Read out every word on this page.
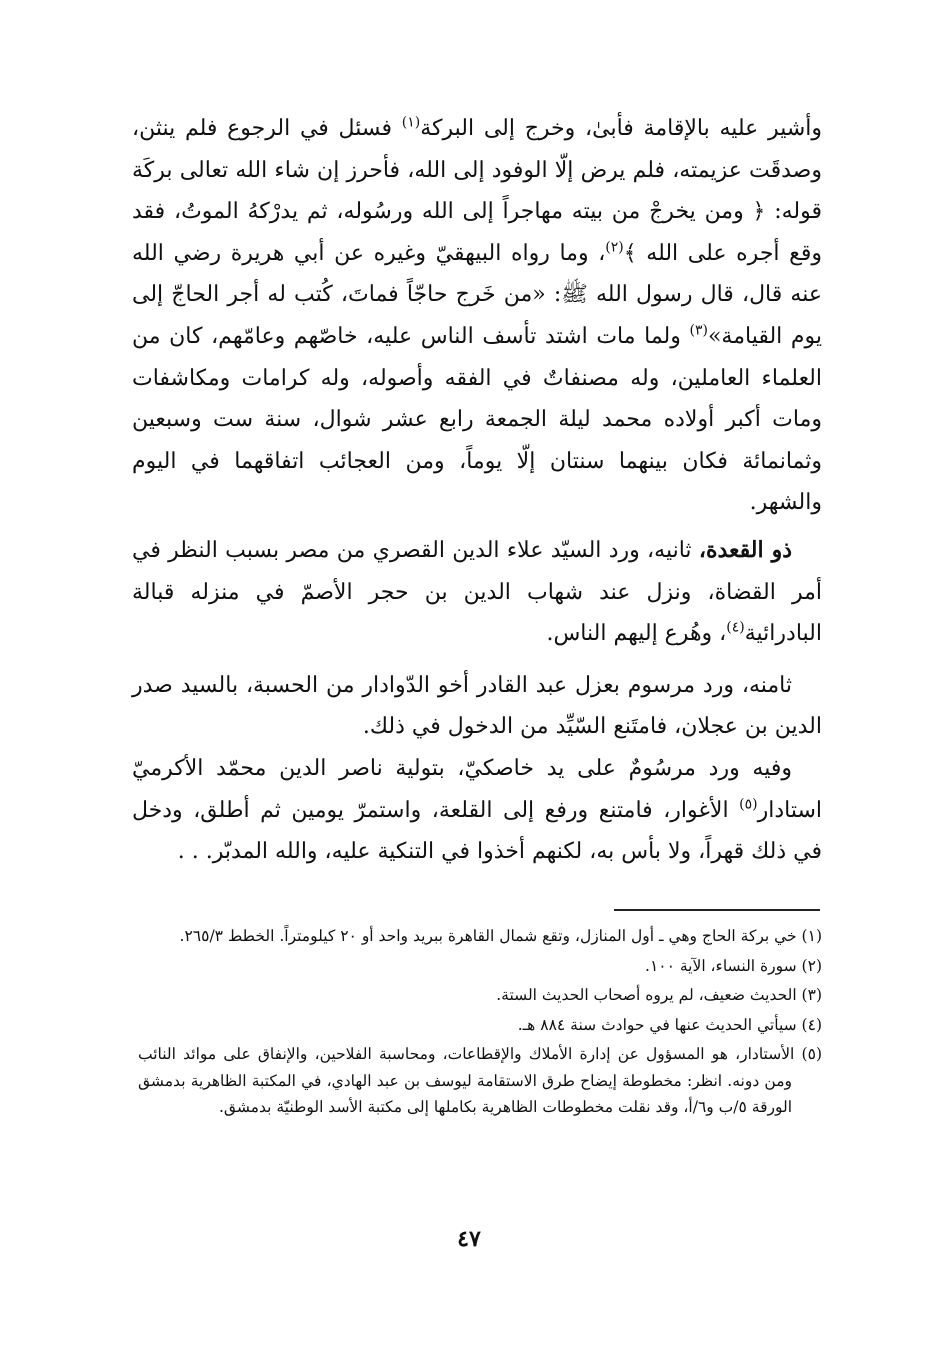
وأشير عليه بالإقامة فأبىٰ، وخرج إلى البركة$^{(١)}$ فسئل في الرجوع فلم ينثن، وصدقَت عزيمته، فلم يرض إلّا الوفود إلى الله، فأحرز إن شاء الله تعالى بركَة قوله: ﴿ ومن يخرجْ من بيته مهاجراً إلى الله ورسُوله، ثم يدرْكهُ الموتُ، فقد وقع أجره على الله ﴾$^{(٢)}$، وما رواه البيهقيّ وغيره عن أبي هريرة رضي الله عنه قال، قال رسول الله ﷺ: «من خَرج حاجّاً فماتَ، كُتب له أجر الحاجّ إلى يوم القيامة»$^{(٣)}$ ولما مات اشتد تأسف الناس عليه، خاصّهم وعامّهم، كان من العلماء العاملين، وله مصنفاتٌ في الفقه وأصوله، وله كرامات ومكاشفات ومات أكبر أولاده محمد ليلة الجمعة رابع عشر شوال، سنة ست وسبعين وثمانمائة فكان بينهما سنتان إلّا يوماً، ومن العجائب اتفاقهما في اليوم والشهر.

ذو القعدة، ثانيه، ورد السيّد علاء الدين القصري من مصر بسبب النظر في أمر القضاة، ونزل عند شهاب الدين بن حجر الأصمّ في منزله قبالة البادرائية$^{(٤)}$، وهُرع إليهم الناس.

ثامنه، ورد مرسوم بعزل عبد القادر أخو الدّوادار من الحسبة، بالسيد صدر الدين بن عجلان، فامتَنع السّيِّد من الدخول في ذلك.

وفيه ورد مرسُومٌ على يد خاصكيّ، بتولية ناصر الدين محمّد الأكرميّ استادار$^{(٥)}$ الأغوار، فامتنع ورفع إلى القلعة، واستمرّ يومين ثم أطلق، ودخل في ذلك قهراً، ولا بأس به، لكنهم أخذوا في التنكية عليه، والله المدبّر. . .

(١) خي بركة الحاج وهي ـ أول المنازل، وتقع شمال القاهرة ببريد واحد أو ٢٠ كيلومتراً. الخطط ٢٦٥/٣.

(٢) سورة النساء، الآية ١٠٠.

(٣) الحديث ضعيف، لم يروه أصحاب الحديث الستة.

(٤) سيأتي الحديث عنها في حوادث سنة ٨٨٤ هـ.

(٥) الأستادار، هو المسؤول عن إدارة الأملاك والإقطاعات، ومحاسبة الفلاحين، والإنفاق على موائد النائب ومن دونه. انظر: مخطوطة إيضاح طرق الاستقامة ليوسف بن عبد الهادي، في المكتبة الظاهرية بدمشق الورقة ٥/ب و٦/أ، وقد نقلت مخطوطات الظاهرية بكاملها إلى مكتبة الأسد الوطنيّة بدمشق.

٤٧
